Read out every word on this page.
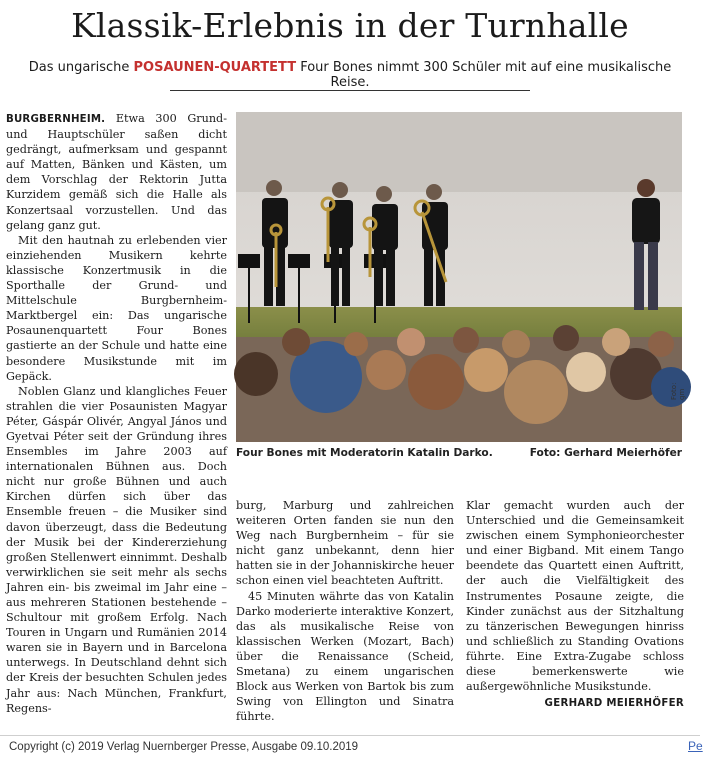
Klassik-Erlebnis in der Turnhalle
Das ungarische POSAUNEN-QUARTETT Four Bones nimmt 300 Schüler mit auf eine musikalische Reise.

BURGBERNHEIM. Etwa 300 Grund- und Hauptschüler saßen dicht gedrängt, aufmerksam und gespannt auf Matten, Bänken und Kästen, um dem Vorschlag der Rektorin Jutta Kurzidem gemäß sich die Halle als Konzertsaal vorzustellen. Und das gelang ganz gut.

Mit den hautnah zu erlebenden vier einziehenden Musikern kehrte klassische Konzertmusik in die Sporthalle der Grund- und Mittelschule Burgbernheim-Marktbergel ein: Das ungarische Posaunenquartett Four Bones gastierte an der Schule und hatte eine besondere Musikstunde mit im Gepäck.

Noblen Glanz und klangliches Feuer strahlen die vier Posaunisten Magyar Péter, Gáspár Olivér, Angyal János und Gyetvai Péter seit der Gründung ihres Ensembles im Jahre 2003 auf internationalen Bühnen aus. Doch nicht nur große Bühnen und auch Kirchen dürfen sich über das Ensemble freuen – die Musiker sind davon überzeugt, dass die Bedeutung der Musik bei der Kindererziehung großen Stellenwert einnimmt. Deshalb verwirklichen sie seit mehr als sechs Jahren ein- bis zweimal im Jahr eine – aus mehreren Stationen bestehende – Schultour mit großem Erfolg. Nach Touren in Ungarn und Rumänien 2014 waren sie in Bayern und in Barcelona unterwegs. In Deutschland dehnt sich der Kreis der besuchten Schulen jedes Jahr aus: Nach München, Frankfurt, Regens-

Foto: gm
Four Bones mit Moderatorin Katalin Darko.	Foto: Gerhard Meierhöfer

burg, Marburg und zahlreichen weiteren Orten fanden sie nun den Weg nach Burgbernheim – für sie nicht ganz unbekannt, denn hier hatten sie in der Johanniskirche heuer schon einen viel beachteten Auftritt.

45 Minuten währte das von Katalin Darko moderierte interaktive Konzert, das als musikalische Reise von klassischen Werken (Mozart, Bach) über die Renaissance (Scheid, Smetana) zu einem ungarischen Block aus Werken von Bartok bis zum Swing von Ellington und Sinatra führte.

Klar gemacht wurden auch der Unterschied und die Gemeinsamkeit zwischen einem Symphonieorchester und einer Bigband. Mit einem Tango beendete das Quartett einen Auftritt, der auch die Vielfältigkeit des Instrumentes Posaune zeigte, die Kinder zunächst aus der Sitzhaltung zu tänzerischen Bewegungen hinriss und schließlich zu Standing Ovations führte. Eine Extra-Zugabe schloss diese bemerkenswerte wie außergewöhnliche Musikstunde.

GERHARD MEIERHÖFER

Copyright (c) 2019 Verlag Nuernberger Presse, Ausgabe 09.10.2019	Pe
